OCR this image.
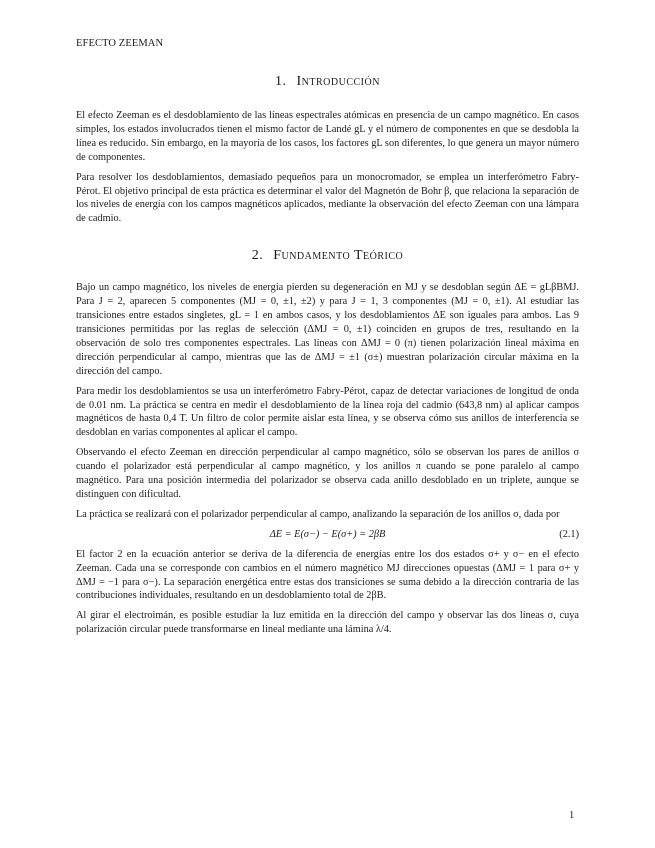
EFECTO ZEEMAN
1. Introducción

El efecto Zeeman es el desdoblamiento de las líneas espectrales atómicas en presencia de un campo magnético. En casos simples, los estados involucrados tienen el mismo factor de Landé gL y el número de componentes en que se desdobla la línea es reducido. Sin embargo, en la mayoría de los casos, los factores gL son diferentes, lo que genera un mayor número de componentes.

Para resolver los desdoblamientos, demasiado pequeños para un monocromador, se emplea un interferómetro Fabry-Pérot. El objetivo principal de esta práctica es determinar el valor del Magnetón de Bohr β, que relaciona la separación de los niveles de energía con los campos magnéticos aplicados, mediante la observación del efecto Zeeman con una lámpara de cadmio.

2. Fundamento Teórico

Bajo un campo magnético, los niveles de energía pierden su degeneración en MJ y se desdoblan según ΔE = gLβBMJ. Para J = 2, aparecen 5 componentes (MJ = 0, ±1, ±2) y para J = 1, 3 componentes (MJ = 0, ±1). Al estudiar las transiciones entre estados singletes, gL = 1 en ambos casos, y los desdoblamientos ΔE son iguales para ambos. Las 9 transiciones permitidas por las reglas de selección (ΔMJ = 0, ±1) coinciden en grupos de tres, resultando en la observación de solo tres componentes espectrales. Las líneas con ΔMJ = 0 (π) tienen polarización lineal máxima en dirección perpendicular al campo, mientras que las de ΔMJ = ±1 (σ±) muestran polarización circular máxima en la dirección del campo.

Para medir los desdoblamientos se usa un interferómetro Fabry-Pérot, capaz de detectar variaciones de longitud de onda de 0.01 nm. La práctica se centra en medir el desdoblamiento de la línea roja del cadmio (643,8 nm) al aplicar campos magnéticos de hasta 0,4 T. Un filtro de color permite aislar esta línea, y se observa cómo sus anillos de interferencia se desdoblan en varias componentes al aplicar el campo.

Observando el efecto Zeeman en dirección perpendicular al campo magnético, sólo se observan los pares de anillos σ cuando el polarizador está perpendicular al campo magnético, y los anillos π cuando se pone paralelo al campo magnético. Para una posición intermedia del polarizador se observa cada anillo desdoblado en un triplete, aunque se distinguen con dificultad.

La práctica se realizará con el polarizador perpendicular al campo, analizando la separación de los anillos σ, dada por

ΔE = E(σ−) − E(σ+) = 2βB	(2.1)

El factor 2 en la ecuación anterior se deriva de la diferencia de energías entre los dos estados σ+ y σ− en el efecto Zeeman. Cada una se corresponde con cambios en el número magnético MJ direcciones opuestas (ΔMJ = 1 para σ+ y ΔMJ = −1 para σ−). La separación energética entre estas dos transiciones se suma debido a la dirección contraria de las contribuciones individuales, resultando en un desdoblamiento total de 2βB.

Al girar el electroimán, es posible estudiar la luz emitida en la dirección del campo y observar las dos líneas σ, cuya polarización circular puede transformarse en lineal mediante una lámina λ/4.

1
